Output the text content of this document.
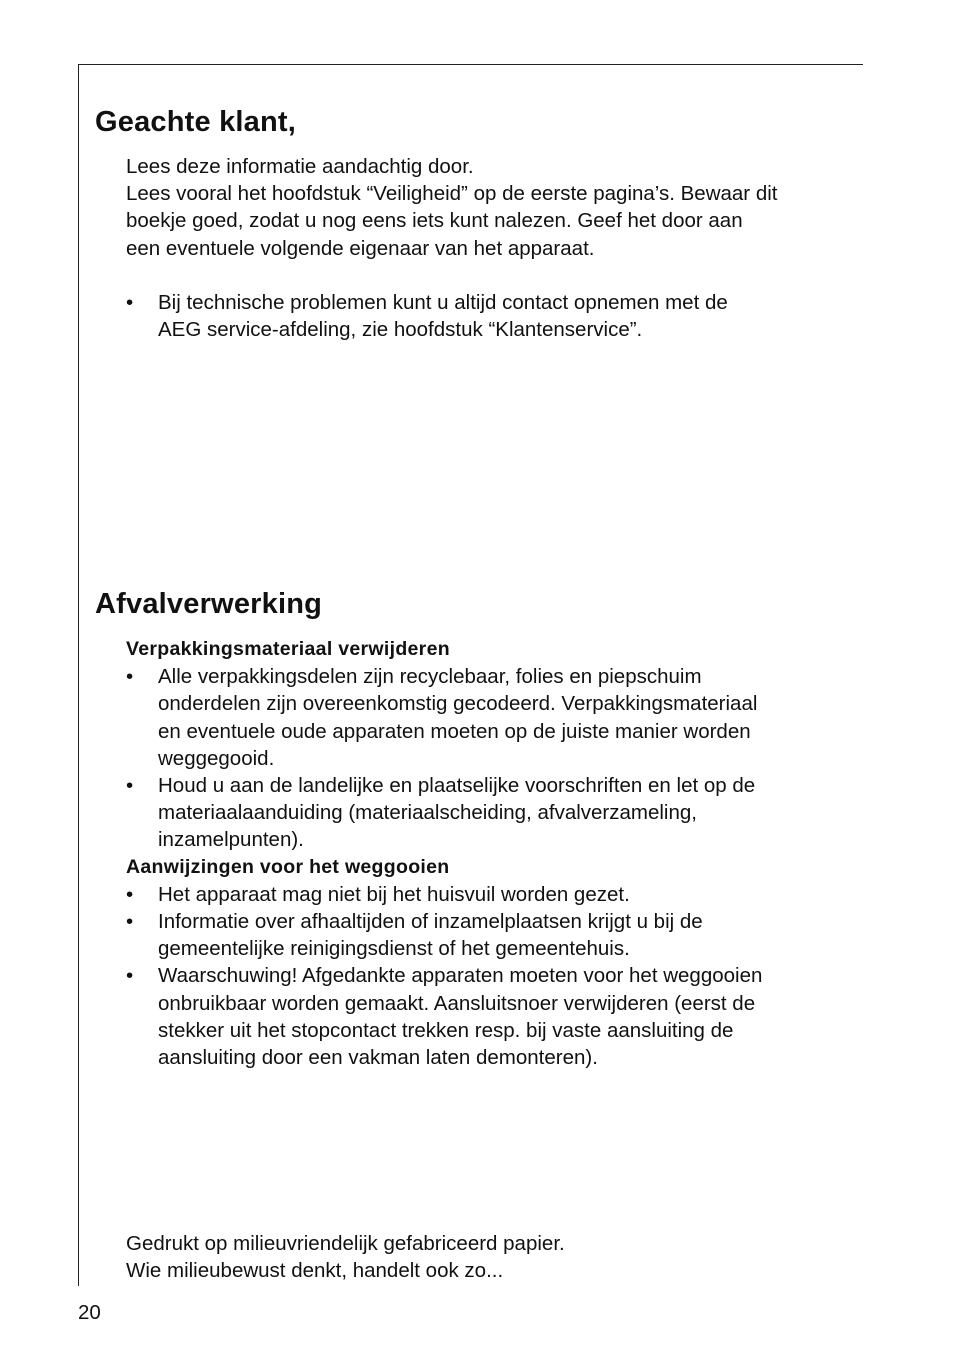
Geachte klant,

Lees deze informatie aandachtig door.

Lees vooral het hoofdstuk “Veiligheid” op de eerste pagina’s. Bewaar dit

boekje goed, zodat u nog eens iets kunt nalezen. Geef het door aan

een eventuele volgende eigenaar van het apparaat.

• Bij technische problemen kunt u altijd contact opnemen met de

AEG service-afdeling, zie hoofdstuk “Klantenservice”.

Afvalverwerking

Verpakkingsmateriaal verwijderen

• Alle verpakkingsdelen zijn recyclebaar, folies en piepschuim

onderdelen zijn overeenkomstig gecodeerd. Verpakkingsmateriaal

en eventuele oude apparaten moeten op de juiste manier worden

weggegooid.

• Houd u aan de landelijke en plaatselijke voorschriften en let op de

materiaalaanduiding (materiaalscheiding, afvalverzameling,

inzamelpunten).

Aanwijzingen voor het weggooien

• Het apparaat mag niet bij het huisvuil worden gezet.

• Informatie over afhaaltijden of inzamelplaatsen krijgt u bij de

gemeentelijke reinigingsdienst of het gemeentehuis.

• Waarschuwing! Afgedankte apparaten moeten voor het weggooien

onbruikbaar worden gemaakt. Aansluitsnoer verwijderen (eerst de

stekker uit het stopcontact trekken resp. bij vaste aansluiting de

aansluiting door een vakman laten demonteren).

Gedrukt op milieuvriendelijk gefabriceerd papier.

Wie milieubewust denkt, handelt ook zo...

20
